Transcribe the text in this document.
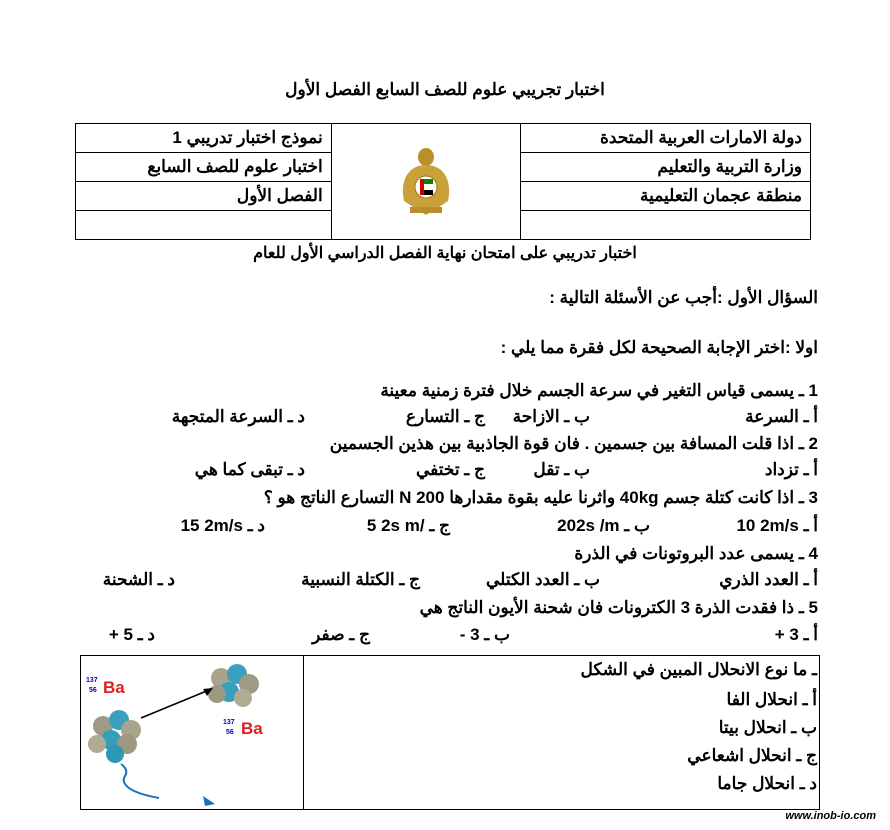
اختبار تجريبي علوم للصف السابع الفصل الأول
دولة الامارات العربية المتحدة		نموذج اختبار تدريبي 1
وزارة التربية والتعليم		اختبار علوم للصف السابع
منطقة عجمان التعليمية		الفصل الأول

اختبار تدريبي على امتحان نهاية الفصل الدراسي الأول للعام
السؤال الأول :أجب عن الأسئلة التالية :
اولا :اختر الإجابة الصحيحة لكل فقرة مما يلي :
1 ـ يسمى قياس التغير في سرعة الجسم خلال فترة زمنية معينة
أ ـ السرعة
ب ـ الازاحة
ج ـ التسارع
د ـ السرعة المتجهة
2 ـ اذا قلت المسافة بين جسمين . فان قوة الجاذبية بين هذين الجسمين
أ ـ تزداد
ب ـ تقل
ج ـ تختفي
د ـ تبقى كما هي
3 ـ اذا كانت كتلة جسم 40kg واثرنا عليه بقوة مقدارها 200 N التسارع الناتج هو ؟
أ ـ 10 2m/s
ب ـ 202s /m
ج ـ 5 2s m/
د ـ 15 2m/s
4 ـ يسمى عدد البروتونات في الذرة
أ ـ العدد الذري
ب ـ العدد الكتلي
ج ـ الكتلة النسبية
د ـ الشحنة
5 ـ ذا فقدت الذرة 3 الكترونات فان شحنة الأيون الناتج هي
أ ـ 3 +
ب ـ 3 -
ج ـ صفر
د ـ 5 +
137
56 Ba
137
56 Ba
ـ ما نوع الانحلال المبين في الشكل
أ ـ انحلال الفا
ب ـ انحلال بيتا
ج ـ انحلال اشعاعي
د ـ انحلال جاما
www.inob-io.com
